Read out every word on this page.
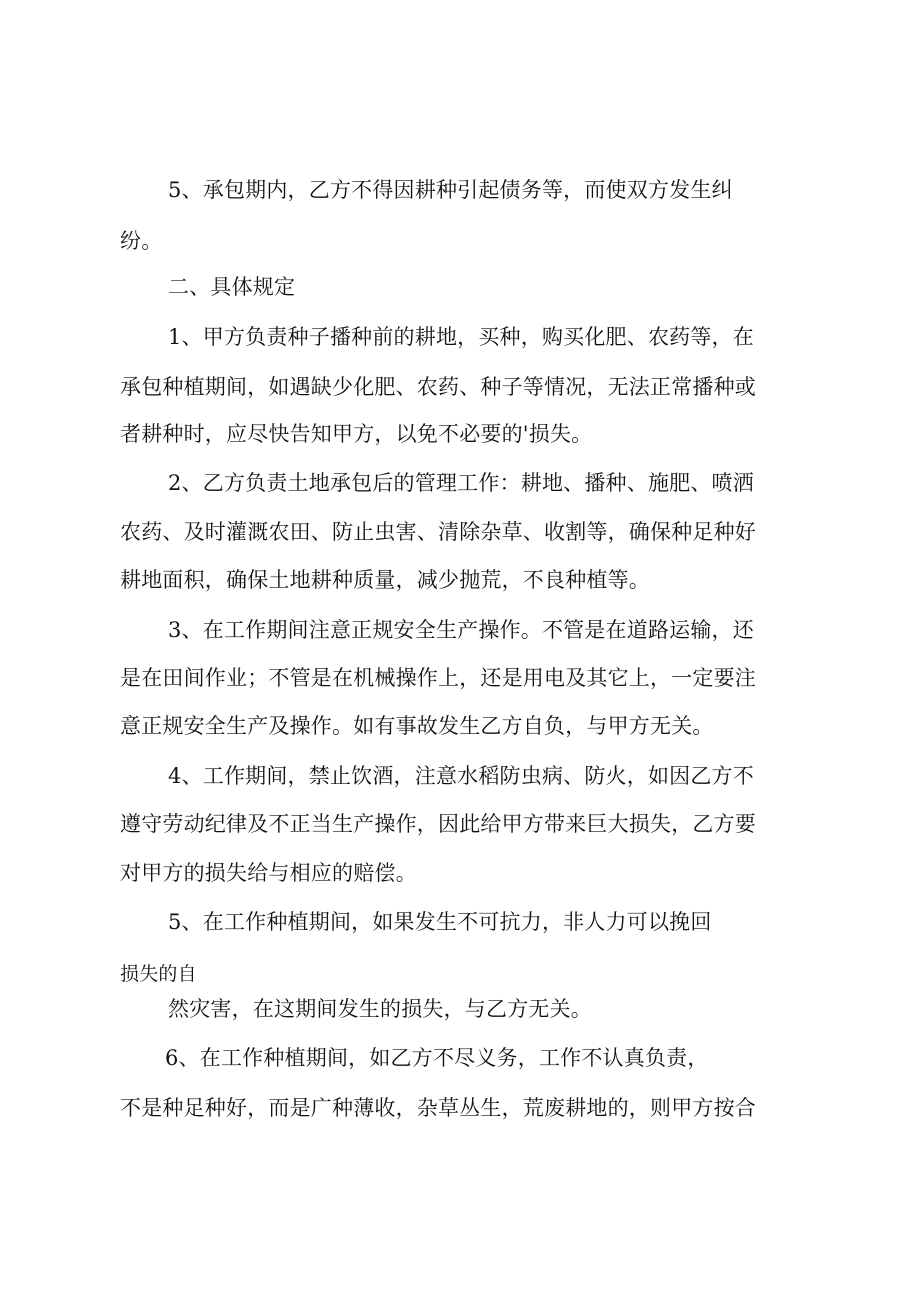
5、承包期内，乙方不得因耕种引起债务等，而使双方发生纠
纷。
二、具体规定
1、甲方负责种子播种前的耕地，买种，购买化肥、农药等，在
承包种植期间，如遇缺少化肥、农药、种子等情况，无法正常播种或
者耕种时，应尽快告知甲方，以免不必要的'损失。
2、乙方负责土地承包后的管理工作：耕地、播种、施肥、喷洒
农药、及时灌溉农田、防止虫害、清除杂草、收割等，确保种足种好
耕地面积，确保土地耕种质量，减少抛荒，不良种植等。
3、在工作期间注意正规安全生产操作。不管是在道路运输，还
是在田间作业；不管是在机械操作上，还是用电及其它上，一定要注
意正规安全生产及操作。如有事故发生乙方自负，与甲方无关。
4、工作期间，禁止饮酒，注意水稻防虫病、防火，如因乙方不
遵守劳动纪律及不正当生产操作，因此给甲方带来巨大损失，乙方要
对甲方的损失给与相应的赔偿。
5、在工作种植期间，如果发生不可抗力，非人力可以挽回
损失的自
然灾害，在这期间发生的损失，与乙方无关。
6、在工作种植期间，如乙方不尽义务，工作不认真负责，
不是种足种好，而是广种薄收，杂草丛生，荒废耕地的，则甲方按合
